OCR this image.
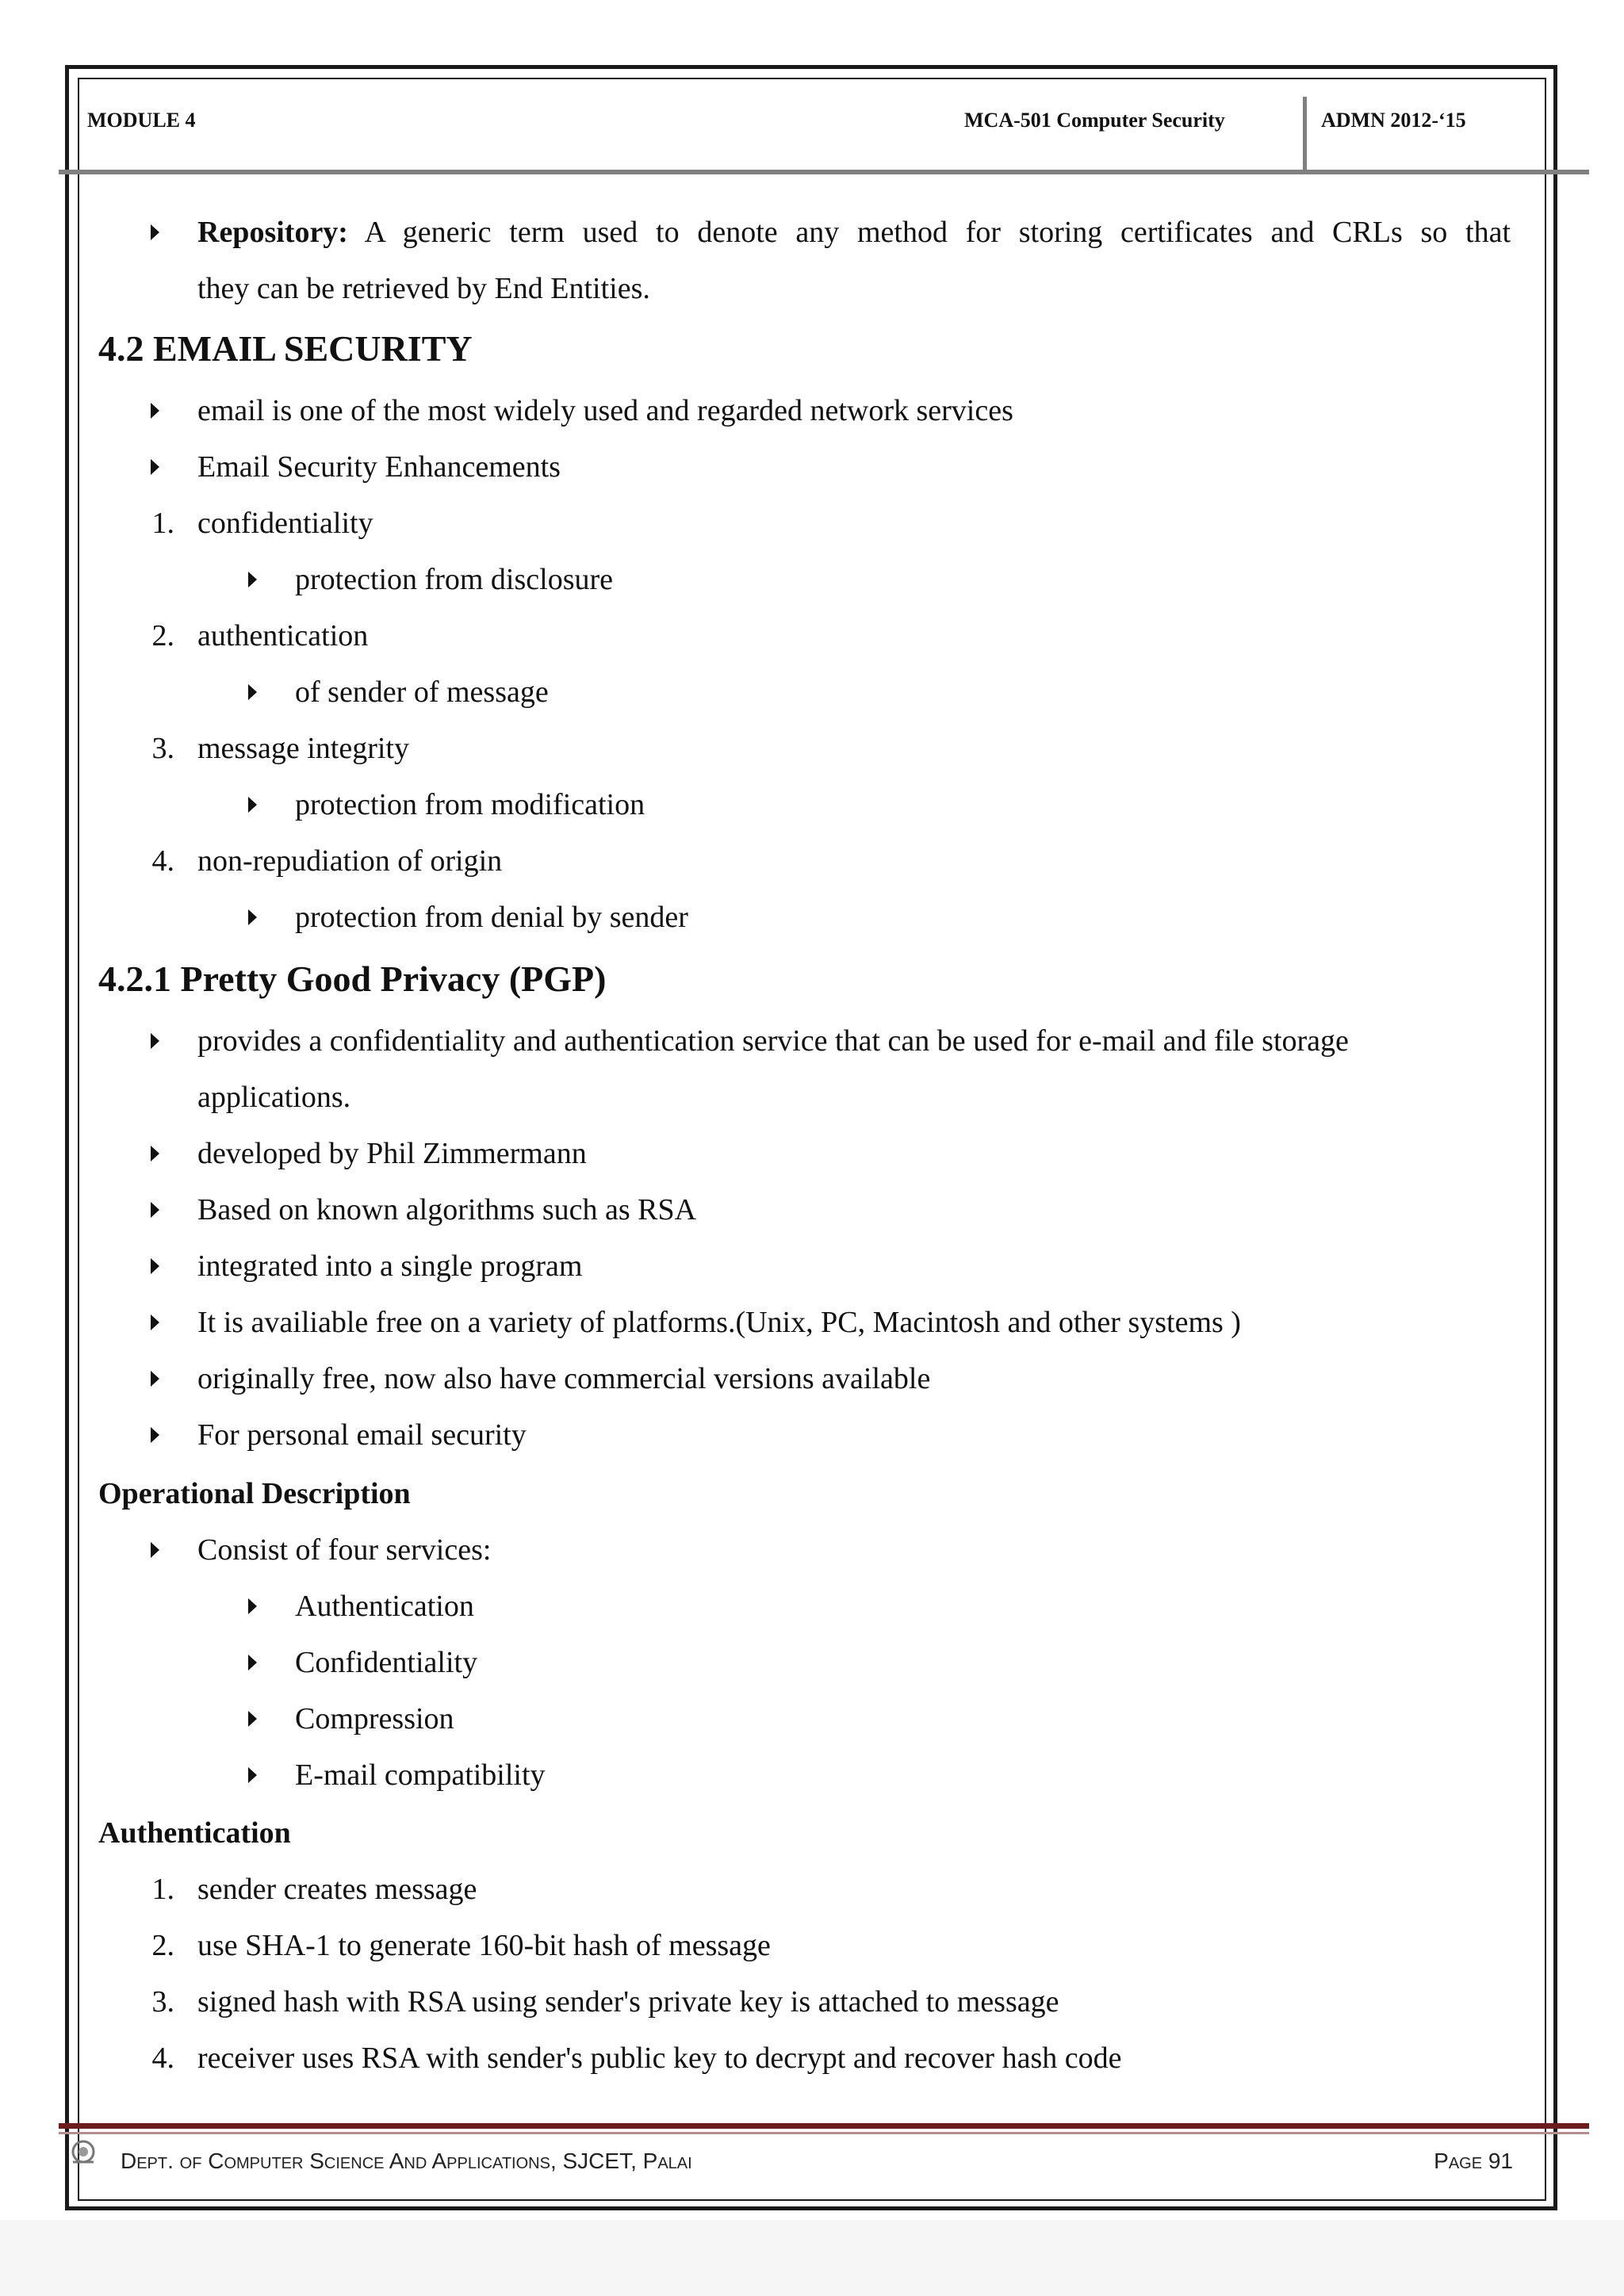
MODULE 4	MCA-501 Computer Security	ADMN 2012-‘15
Repository: A generic term used to denote any method for storing certificates and CRLs so that
they can be retrieved by End Entities.
4.2 EMAIL SECURITY
email is one of the most widely used and regarded network services
Email Security Enhancements
1. confidentiality
protection from disclosure
2. authentication
of sender of message
3. message integrity
protection from modification
4. non-repudiation of origin
protection from denial by sender
4.2.1 Pretty Good Privacy (PGP)
provides a confidentiality and authentication service that can be used for e-mail and file storage
applications.
developed by Phil Zimmermann
Based on known algorithms such as RSA
integrated into a single program
It is availiable free on a variety of platforms.(Unix, PC, Macintosh and other systems )
originally free, now also have commercial versions available
For personal email security
Operational Description
Consist of four services:
Authentication
Confidentiality
Compression
E-mail compatibility
Authentication
1. sender creates message
2. use SHA-1 to generate 160-bit hash of message
3. signed hash with RSA using sender's private key is attached to message
4. receiver uses RSA with sender's public key to decrypt and recover hash code
Dept. of Computer Science And Applications, SJCET, Palai	Page 91
